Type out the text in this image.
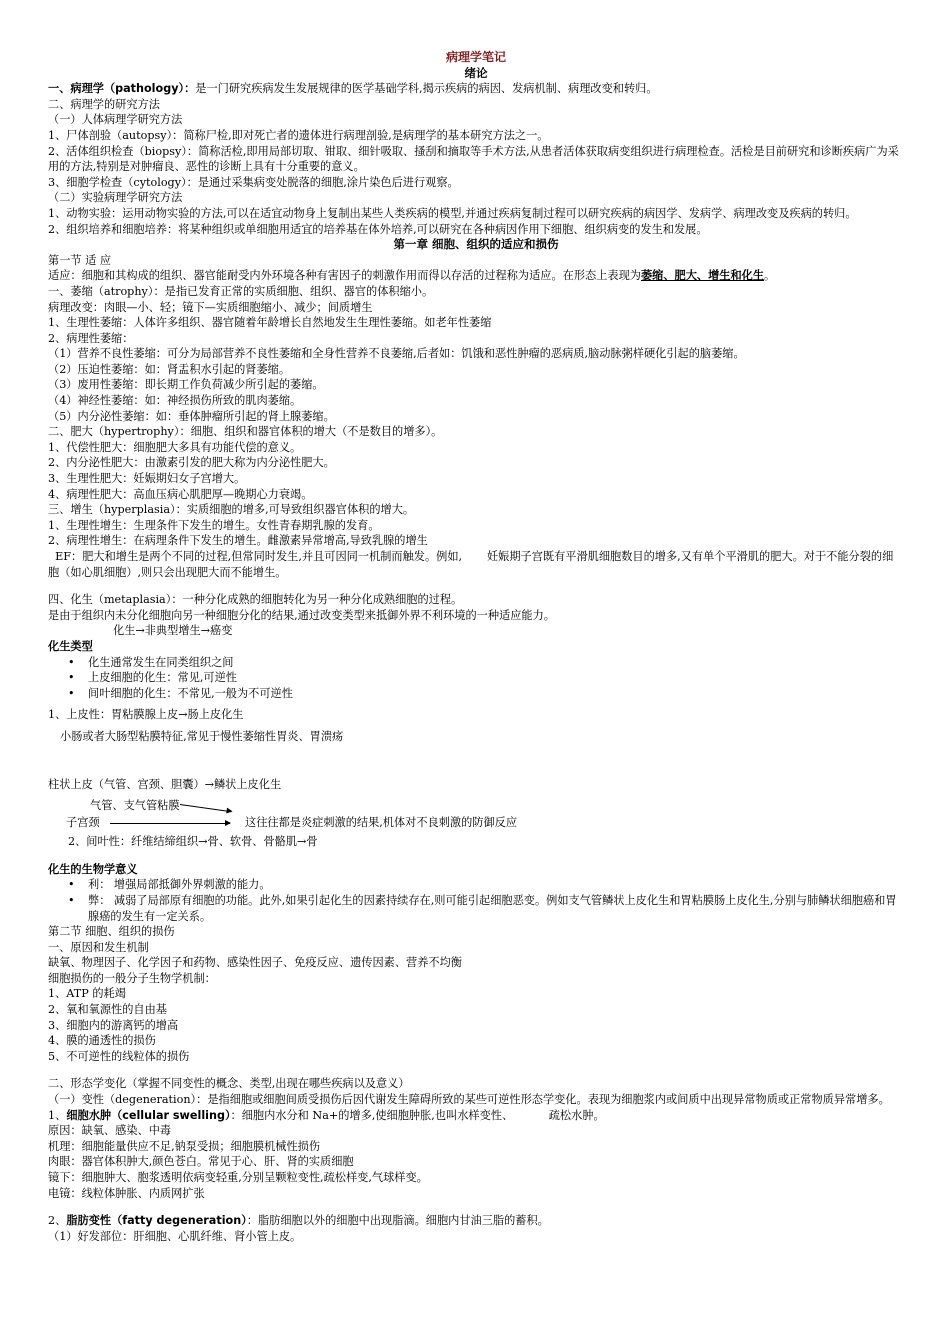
病理学笔记
绪论
一、病理学（pathology）：是一门研究疾病发生发展规律的医学基础学科,揭示疾病的病因、发病机制、病理改变和转归。
二、病理学的研究方法
（一）人体病理学研究方法
1、尸体剖验（autopsy）：简称尸检,即对死亡者的遗体进行病理剖验,是病理学的基本研究方法之一。
2、活体组织检查（biopsy）：简称活检,即用局部切取、钳取、细针吸取、搔刮和摘取等手术方法,从患者活体获取病变组织进行病理检查。活检是目前研究和诊断疾病广为采用的方法,特别是对肿瘤良、恶性的诊断上具有十分重要的意义。
3、细胞学检查（cytology）：是通过采集病变处脱落的细胞,涂片染色后进行观察。
（二）实验病理学研究方法
1、动物实验：运用动物实验的方法,可以在适宜动物身上复制出某些人类疾病的模型,并通过疾病复制过程可以研究疾病的病因学、发病学、病理改变及疾病的转归。
2、组织培养和细胞培养：将某种组织或单细胞用适宜的培养基在体外培养,可以研究在各种病因作用下细胞、组织病变的发生和发展。
第一章 细胞、组织的适应和损伤
第一节 适 应
适应：细胞和其构成的组织、器官能耐受内外环境各种有害因子的刺激作用而得以存活的过程称为适应。在形态上表现为萎缩、肥大、增生和化生。
一、萎缩（atrophy）：是指已发育正常的实质细胞、组织、器官的体积缩小。
病理改变：肉眼—小、轻；镜下—实质细胞缩小、减少；间质增生
1、生理性萎缩：人体许多组织、器官随着年龄增长自然地发生生理性萎缩。如老年性萎缩
2、病理性萎缩：
（1）营养不良性萎缩：可分为局部营养不良性萎缩和全身性营养不良萎缩,后者如：饥饿和恶性肿瘤的恶病质,脑动脉粥样硬化引起的脑萎缩。
（2）压迫性萎缩：如：肾盂积水引起的肾萎缩。
（3）废用性萎缩：即长期工作负荷减少所引起的萎缩。
（4）神经性萎缩：如：神经损伤所致的肌肉萎缩。
（5）内分泌性萎缩：如：垂体肿瘤所引起的肾上腺萎缩。
二、肥大（hypertrophy）：细胞、组织和器官体积的增大（不是数目的增多）。
1、代偿性肥大：细胞肥大多具有功能代偿的意义。
2、内分泌性肥大：由激素引发的肥大称为内分泌性肥大。
3、生理性肥大：妊娠期妇女子宫增大。
4、病理性肥大：高血压病心肌肥厚—晚期心力衰竭。
三、增生（hyperplasia）：实质细胞的增多,可导致组织器官体积的增大。
1、生理性增生：生理条件下发生的增生。女性青春期乳腺的发育。
2、病理性增生：在病理条件下发生的增生。雌激素异常增高,导致乳腺的增生
EF：肥大和增生是两个不同的过程,但常同时发生,并且可因同一机制而触发。例如,       妊娠期子宫既有平滑肌细胞数目的增多,又有单个平滑肌的肥大。对于不能分裂的细胞（如心肌细胞）,则只会出现肥大而不能增生。
四、化生（metaplasia）：一种分化成熟的细胞转化为另一种分化成熟细胞的过程。
是由于组织内未分化细胞向另一种细胞分化的结果,通过改变类型来抵御外界不利环境的一种适应能力。
化生→非典型增生→癌变
化生类型
• 化生通常发生在同类组织之间
• 上皮细胞的化生：常见,可逆性
• 间叶细胞的化生：不常见,一般为不可逆性
1、上皮性：胃粘膜腺上皮→肠上皮化生
小肠或者大肠型粘膜特征,常见于慢性萎缩性胃炎、胃溃疡
柱状上皮（气管、宫颈、胆囊）→鳞状上皮化生
气管、支气管粘膜
子宫颈	这往往都是炎症刺激的结果,机体对不良刺激的防御反应
2、间叶性：纤维结缔组织→骨、软骨、骨骼肌→骨
化生的生物学意义
• 利： 增强局部抵御外界刺激的能力。
• 弊： 减弱了局部原有细胞的功能。此外,如果引起化生的因素持续存在,则可能引起细胞恶变。例如支气管鳞状上皮化生和胃粘膜肠上皮化生,分别与肺鳞状细胞癌和胃腺癌的发生有一定关系。
第二节 细胞、组织的损伤
一、原因和发生机制
缺氧、物理因子、化学因子和药物、感染性因子、免疫反应、遗传因素、营养不均衡
细胞损伤的一般分子生物学机制：
1、ATP 的耗竭
2、氧和氧源性的自由基
3、细胞内的游离钙的增高
4、膜的通透性的损伤
5、不可逆性的线粒体的损伤
二、形态学变化（掌握不同变性的概念、类型,出现在哪些疾病以及意义）
（一）变性（degeneration）：是指细胞或细胞间质受损伤后因代谢发生障碍所致的某些可逆性形态学变化。表现为细胞浆内或间质中出现异常物质或正常物质异常增多。
1、细胞水肿（cellular swelling）：细胞内水分和 Na+的增多,使细胞肿胀,也叫水样变性、          疏松水肿。
原因：缺氧、感染、中毒
机理：细胞能量供应不足,钠泵受损；细胞膜机械性损伤
肉眼：器官体积肿大,颜色苍白。常见于心、肝、肾的实质细胞
镜下：细胞肿大、胞浆透明依病变轻重,分别呈颗粒变性,疏松样变,气球样变。
电镜：线粒体肿胀、内质网扩张
2、脂肪变性（fatty degeneration）：脂肪细胞以外的细胞中出现脂滴。细胞内甘油三脂的蓄积。
（1）好发部位：肝细胞、心肌纤维、肾小管上皮。
